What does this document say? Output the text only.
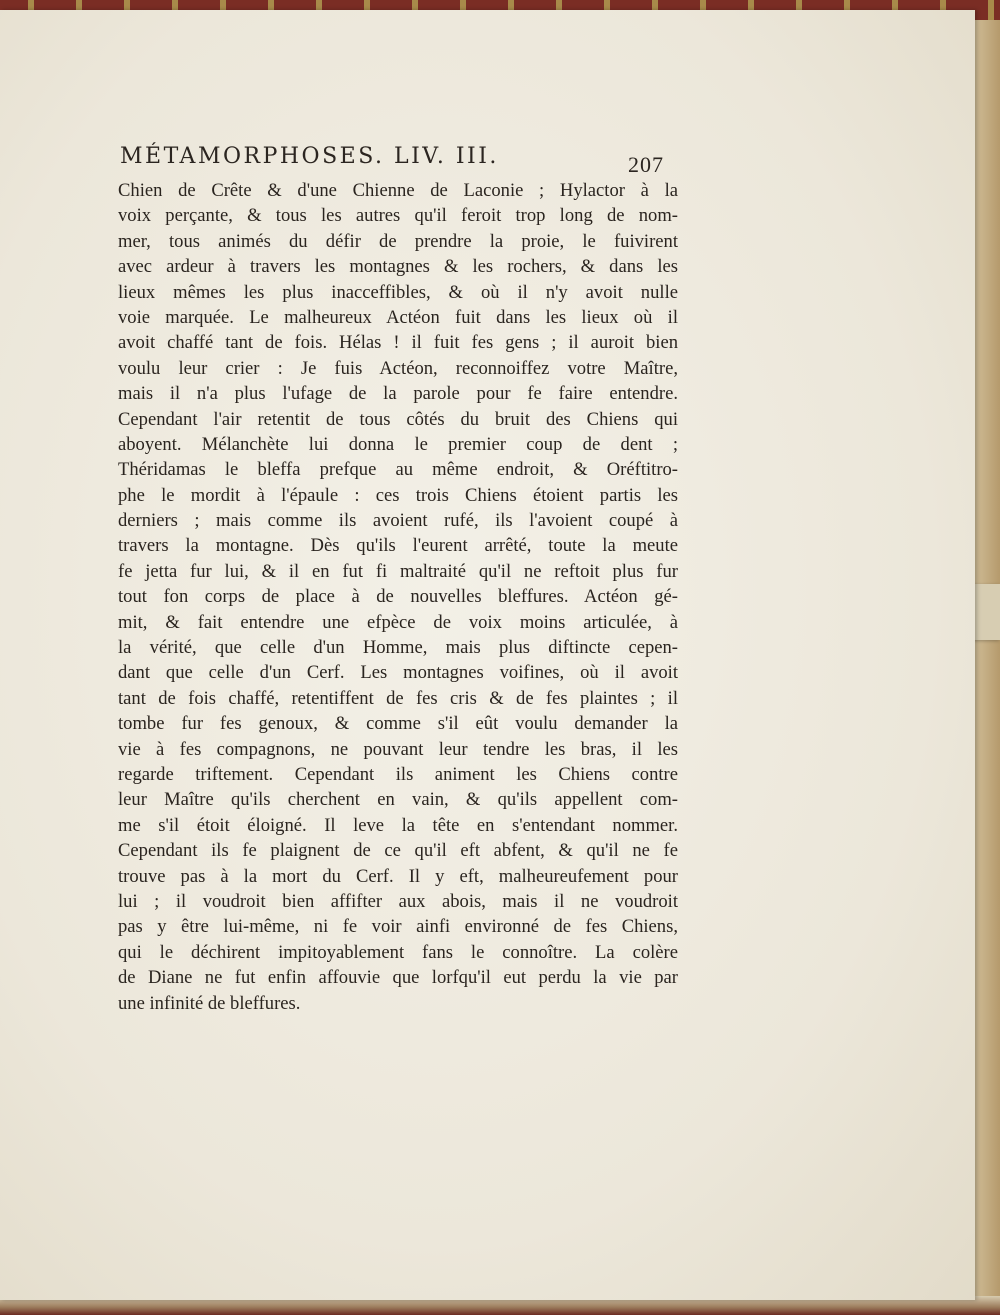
MÉTAMORPHOSES. LIV. III.	207
Chien de Crête & d'une Chienne de Laconie ; Hylactor à la
voix perçante, & tous les autres qu'il feroit trop long de nom-
mer, tous animés du défir de prendre la proie, le fuivirent
avec ardeur à travers les montagnes & les rochers, & dans les
lieux mêmes les plus inacceffibles, & où il n'y avoit nulle
voie marquée. Le malheureux Actéon fuit dans les lieux où il
avoit chaffé tant de fois. Hélas ! il fuit fes gens ; il auroit bien
voulu leur crier : Je fuis Actéon, reconnoiffez votre Maître,
mais il n'a plus l'ufage de la parole pour fe faire entendre.
Cependant l'air retentit de tous côtés du bruit des Chiens qui
aboyent. Mélanchète lui donna le premier coup de dent ;
Théridamas le bleffa prefque au même endroit, & Oréftitro-
phe le mordit à l'épaule : ces trois Chiens étoient partis les
derniers ; mais comme ils avoient rufé, ils l'avoient coupé à
travers la montagne. Dès qu'ils l'eurent arrêté, toute la meute
fe jetta fur lui, & il en fut fi maltraité qu'il ne reftoit plus fur
tout fon corps de place à de nouvelles bleffures. Actéon gé-
mit, & fait entendre une efpèce de voix moins articulée, à
la vérité, que celle d'un Homme, mais plus diftincte cepen-
dant que celle d'un Cerf. Les montagnes voifines, où il avoit
tant de fois chaffé, retentiffent de fes cris & de fes plaintes ; il
tombe fur fes genoux, & comme s'il eût voulu demander la
vie à fes compagnons, ne pouvant leur tendre les bras, il les
regarde triftement. Cependant ils animent les Chiens contre
leur Maître qu'ils cherchent en vain, & qu'ils appellent com-
me s'il étoit éloigné. Il leve la tête en s'entendant nommer.
Cependant ils fe plaignent de ce qu'il eft abfent, & qu'il ne fe
trouve pas à la mort du Cerf. Il y eft, malheureufement pour
lui ; il voudroit bien affifter aux abois, mais il ne voudroit
pas y être lui-même, ni fe voir ainfi environné de fes Chiens,
qui le déchirent impitoyablement fans le connoître. La colère
de Diane ne fut enfin affouvie que lorfqu'il eut perdu la vie par
une infinité de bleffures.
